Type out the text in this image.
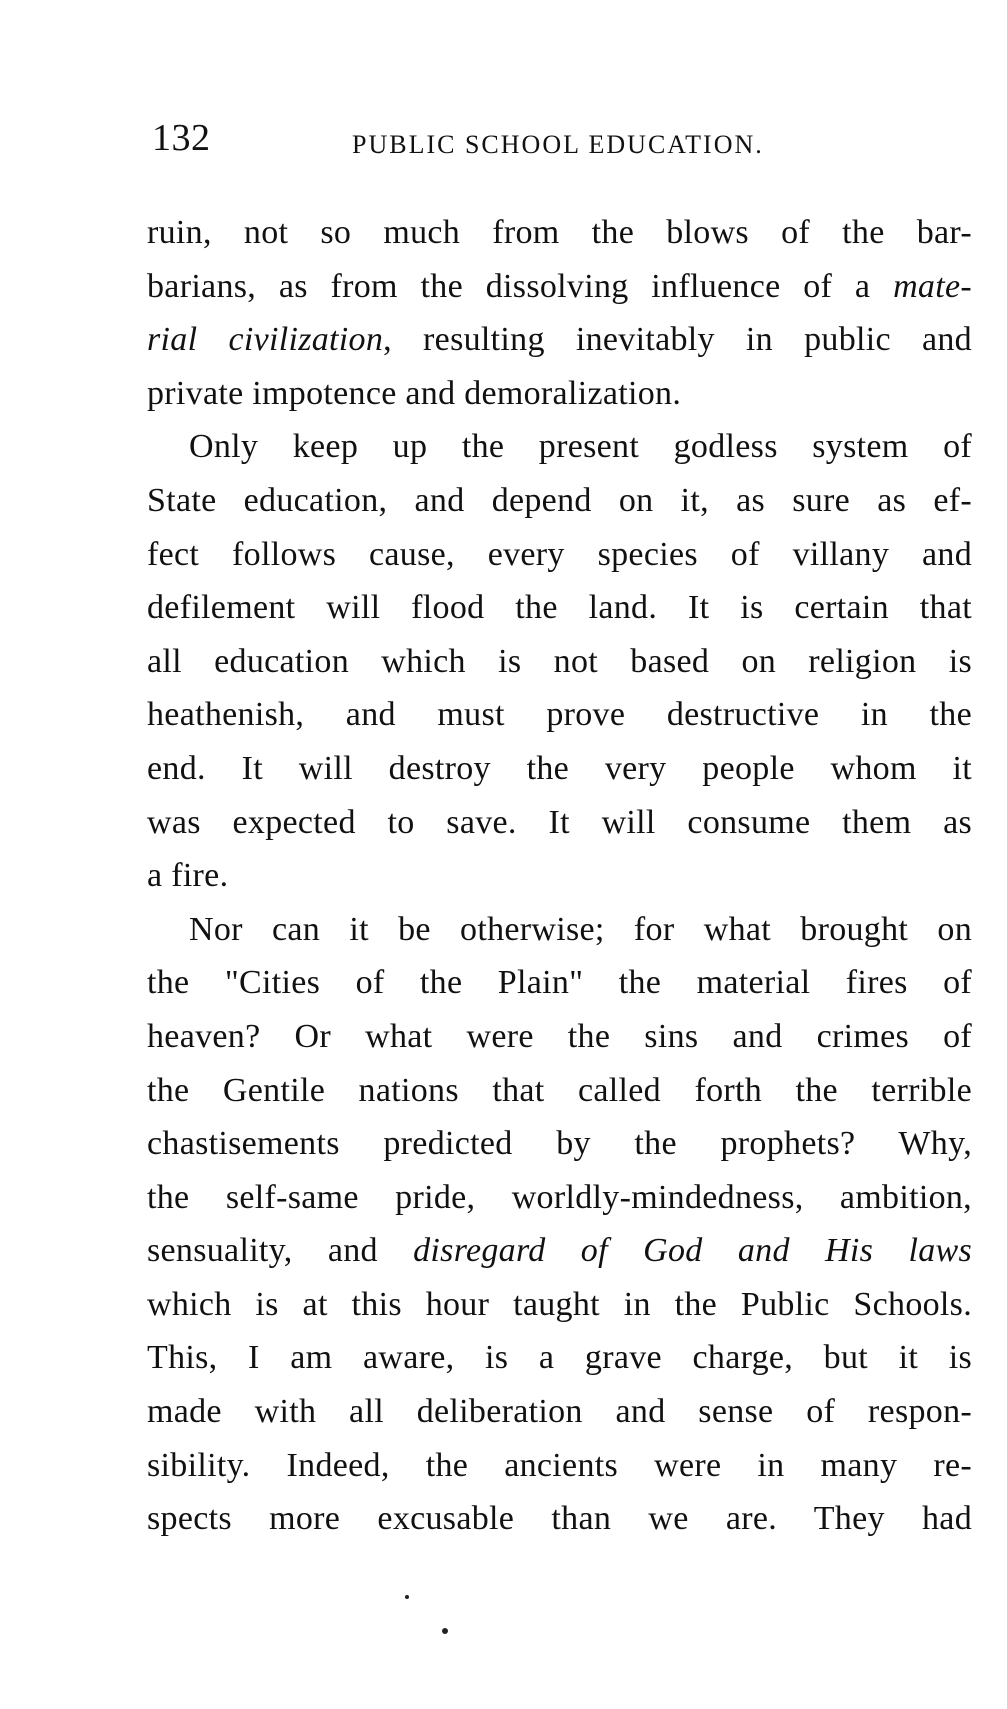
132	PUBLIC SCHOOL EDUCATION.
ruin, not so much from the blows of the bar-
barians, as from the dissolving influence of a mate-
rial civilization, resulting inevitably in public and
private impotence and demoralization.
Only keep up the present godless system of
State education, and depend on it, as sure as ef-
fect follows cause, every species of villany and
defilement will flood the land. It is certain that
all education which is not based on religion is
heathenish, and must prove destructive in the
end. It will destroy the very people whom it
was expected to save. It will consume them as
a fire.
Nor can it be otherwise; for what brought on
the "Cities of the Plain" the material fires of
heaven? Or what were the sins and crimes of
the Gentile nations that called forth the terrible
chastisements predicted by the prophets? Why,
the self-same pride, worldly-mindedness, ambition,
sensuality, and disregard of God and His laws
which is at this hour taught in the Public Schools.
This, I am aware, is a grave charge, but it is
made with all deliberation and sense of respon-
sibility. Indeed, the ancients were in many re-
spects more excusable than we are. They had
